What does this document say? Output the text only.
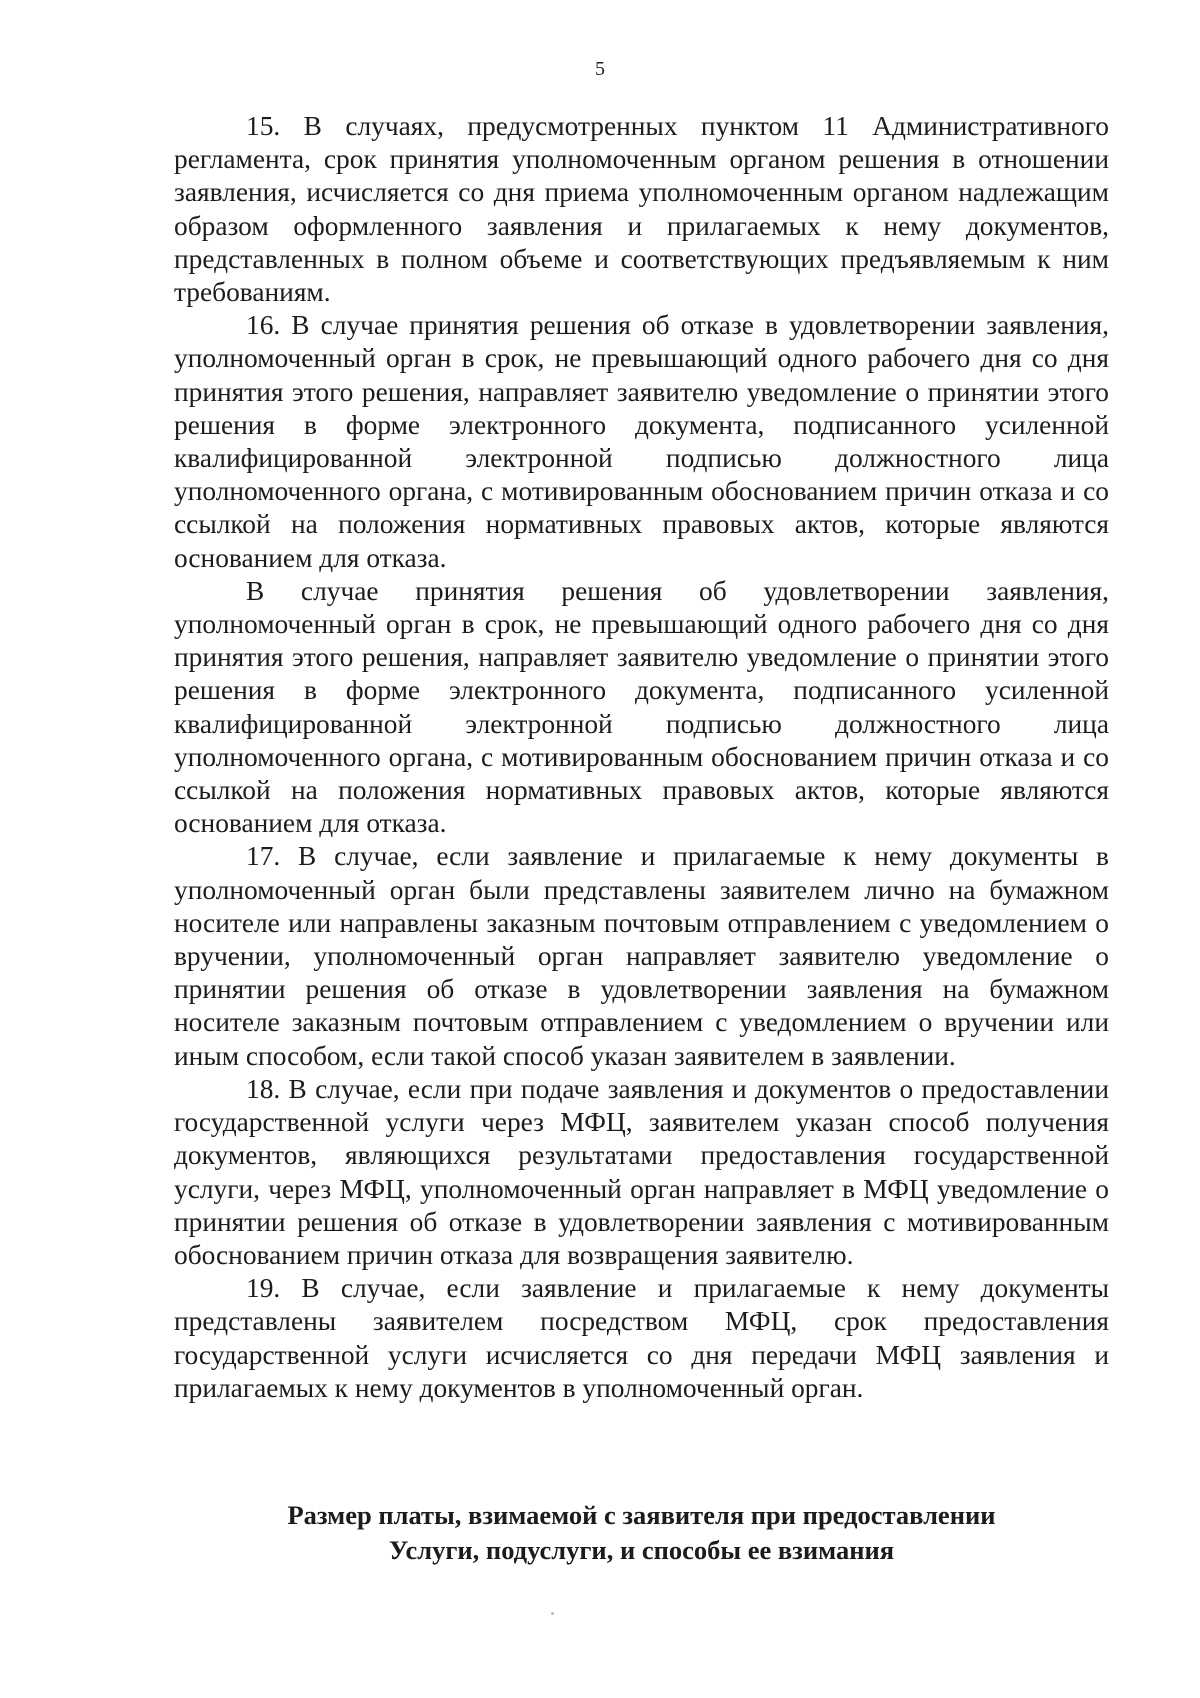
5

15. В случаях, предусмотренных пунктом 11 Административного регламента, срок принятия уполномоченным органом решения в отношении заявления, исчисляется со дня приема уполномоченным органом надлежащим образом оформленного заявления и прилагаемых к нему документов, представленных в полном объеме и соответствующих предъявляемым к ним требованиям.

16. В случае принятия решения об отказе в удовлетворении заявления, уполномоченный орган в срок, не превышающий одного рабочего дня со дня принятия этого решения, направляет заявителю уведомление о принятии этого решения в форме электронного документа, подписанного усиленной квалифицированной электронной подписью должностного лица уполномоченного органа, с мотивированным обоснованием причин отказа и со ссылкой на положения нормативных правовых актов, которые являются основанием для отказа.

В случае принятия решения об удовлетворении заявления, уполномоченный орган в срок, не превышающий одного рабочего дня со дня принятия этого решения, направляет заявителю уведомление о принятии этого решения в форме электронного документа, подписанного усиленной квалифицированной электронной подписью должностного лица уполномоченного органа, с мотивированным обоснованием причин отказа и со ссылкой на положения нормативных правовых актов, которые являются основанием для отказа.

17. В случае, если заявление и прилагаемые к нему документы в уполномоченный орган были представлены заявителем лично на бумажном носителе или направлены заказным почтовым отправлением с уведомлением о вручении, уполномоченный орган направляет заявителю уведомление о принятии решения об отказе в удовлетворении заявления на бумажном носителе заказным почтовым отправлением с уведомлением о вручении или иным способом, если такой способ указан заявителем в заявлении.

18. В случае, если при подаче заявления и документов о предоставлении государственной услуги через МФЦ, заявителем указан способ получения документов, являющихся результатами предоставления государственной услуги, через МФЦ, уполномоченный орган направляет в МФЦ уведомление о принятии решения об отказе в удовлетворении заявления с мотивированным обоснованием причин отказа для возвращения заявителю.

19. В случае, если заявление и прилагаемые к нему документы представлены заявителем посредством МФЦ, срок предоставления государственной услуги исчисляется со дня передачи МФЦ заявления и прилагаемых к нему документов в уполномоченный орган.

Размер платы, взимаемой с заявителя при предоставлении
Услуги, подуслуги, и способы ее взимания
